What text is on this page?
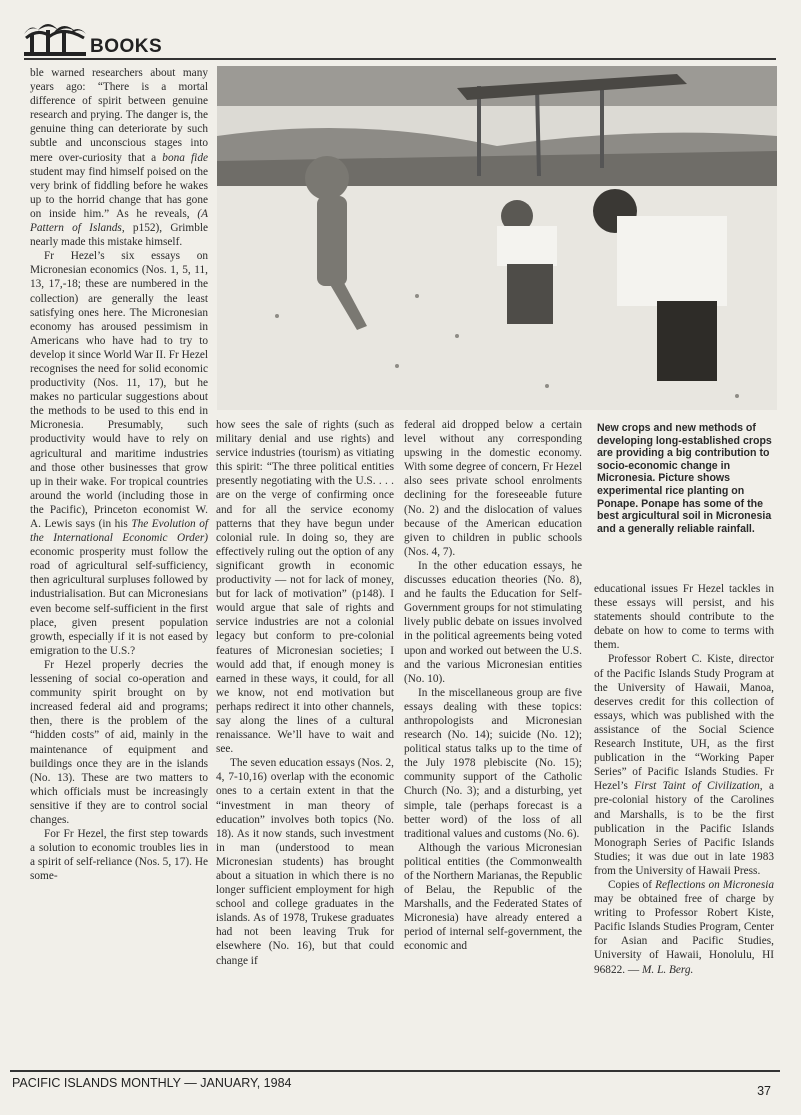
BOOKS

ble warned researchers about many years ago: “There is a mortal difference of spirit between genuine research and prying. The danger is, the genuine thing can deteriorate by such subtle and unconscious stages into mere over-curiosity that a bona fide student may find himself poised on the very brink of fiddling before he wakes up to the horrid change that has gone on inside him.” As he reveals, (A Pattern of Islands, p152), Grimble nearly made this mistake himself.

Fr Hezel’s six essays on Micronesian economics (Nos. 1, 5, 11, 13, 17,-18; these are numbered in the collection) are generally the least satisfying ones here. The Micronesian economy has aroused pessimism in Americans who have had to try to develop it since World War II. Fr Hezel recognises the need for solid economic productivity (Nos. 11, 17), but he makes no particular suggestions about the methods to be used to this end in Micronesia. Presumably, such productivity would have to rely on agricultural and maritime industries and those other businesses that grow up in their wake. For tropical countries around the world (including those in the Pacific), Princeton economist W. A. Lewis says (in his The Evolution of the International Economic Order) economic prosperity must follow the road of agricultural self-sufficiency, then agricultural surpluses followed by industrialisation. But can Micronesians even become self-sufficient in the first place, given present population growth, especially if it is not eased by emigration to the U.S.?

Fr Hezel properly decries the lessening of social co-operation and community spirit brought on by increased federal aid and programs; then, there is the problem of the “hidden costs” of aid, mainly in the maintenance of equipment and buildings once they are in the islands (No. 13). These are two matters to which officials must be increasingly sensitive if they are to control social changes.

For Fr Hezel, the first step towards a solution to economic troubles lies in a spirit of self-reliance (Nos. 5, 17). He some-

New crops and new methods of developing long-established crops are providing a big contribution to socio-economic change in Micronesia. Picture shows experimental rice planting on Ponape. Ponape has some of the best argicultural soil in Micronesia and a generally reliable rainfall.

how sees the sale of rights (such as military denial and use rights) and service industries (tourism) as vitiating this spirit: “The three political entities presently negotiating with the U.S. . . . are on the verge of confirming once and for all the service economy patterns that they have begun under colonial rule. In doing so, they are effectively ruling out the option of any significant growth in economic productivity — not for lack of money, but for lack of motivation” (p148). I would argue that sale of rights and service industries are not a colonial legacy but conform to pre-colonial features of Micronesian societies; I would add that, if enough money is earned in these ways, it could, for all we know, not end motivation but perhaps redirect it into other channels, say along the lines of a cultural renaissance. We’ll have to wait and see.

The seven education essays (Nos. 2, 4, 7-10,16) overlap with the economic ones to a certain extent in that the “investment in man theory of education” involves both topics (No. 18). As it now stands, such investment in man (understood to mean Micronesian students) has brought about a situation in which there is no longer sufficient employment for high school and college graduates in the islands. As of 1978, Trukese graduates had not been leaving Truk for elsewhere (No. 16), but that could change if

federal aid dropped below a certain level without any corresponding upswing in the domestic economy. With some degree of concern, Fr Hezel also sees private school enrolments declining for the foreseeable future (No. 2) and the dislocation of values because of the American education given to children in public schools (Nos. 4, 7).

In the other education essays, he discusses education theories (No. 8), and he faults the Education for Self-Government groups for not stimulating lively public debate on issues involved in the political agreements being voted upon and worked out between the U.S. and the various Micronesian entities (No. 10).

In the miscellaneous group are five essays dealing with these topics: anthropologists and Micronesian research (No. 14); suicide (No. 12); political status talks up to the time of the July 1978 plebiscite (No. 15); community support of the Catholic Church (No. 3); and a disturbing, yet simple, tale (perhaps forecast is a better word) of the loss of all traditional values and customs (No. 6).

Although the various Micronesian political entities (the Commonwealth of the Northern Marianas, the Republic of Belau, the Republic of the Marshalls, and the Federated States of Micronesia) have already entered a period of internal self-government, the economic and

educational issues Fr Hezel tackles in these essays will persist, and his statements should contribute to the debate on how to come to terms with them.

Professor Robert C. Kiste, director of the Pacific Islands Study Program at the University of Hawaii, Manoa, deserves credit for this collection of essays, which was published with the assistance of the Social Science Research Institute, UH, as the first publication in the “Working Paper Series” of Pacific Islands Studies. Fr Hezel’s First Taint of Civilization, a pre-colonial history of the Carolines and Marshalls, is to be the first publication in the Pacific Islands Monograph Series of Pacific Islands Studies; it was due out in late 1983 from the University of Hawaii Press.

Copies of Reflections on Micronesia may be obtained free of charge by writing to Professor Robert Kiste, Pacific Islands Studies Program, Center for Asian and Pacific Studies, University of Hawaii, Honolulu, HI 96822. — M. L. Berg.

PACIFIC ISLANDS MONTHLY — JANUARY, 1984
37
